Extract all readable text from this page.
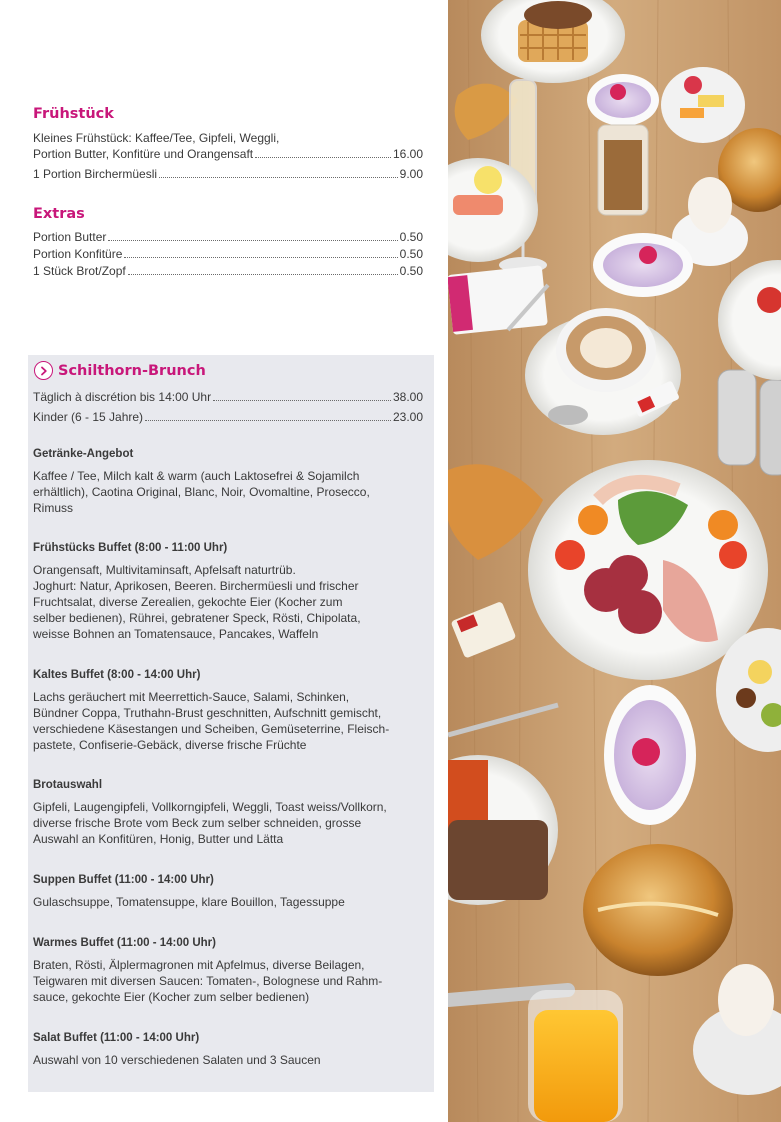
Frühstück
Kleines Frühstück: Kaffee/Tee, Gipfeli, Weggli,
Portion Butter, Konfitüre und Orangensaft	16.00
1 Portion Birchermüesli	9.00
Extras
Portion Butter	0.50
Portion Konfitüre	0.50
1 Stück Brot/Zopf	0.50
Schilthorn-Brunch
Täglich à discrétion bis 14:00 Uhr	38.00
Kinder (6 - 15 Jahre)	23.00
Getränke-Angebot
Kaffee / Tee, Milch kalt & warm (auch Laktosefrei & Sojamilch
erhältlich), Caotina Original, Blanc, Noir, Ovomaltine, Prosecco,
Rimuss
Frühstücks Buffet (8:00 - 11:00 Uhr)
Orangensaft, Multivitaminsaft, Apfelsaft naturtrüb.
Joghurt: Natur, Aprikosen, Beeren. Birchermüesli und frischer
Fruchtsalat, diverse Zerealien, gekochte Eier (Kocher zum
selber bedienen), Rührei, gebratener Speck, Rösti, Chipolata,
weisse Bohnen an Tomatensauce, Pancakes, Waffeln
Kaltes Buffet (8:00 - 14:00 Uhr)
Lachs geräuchert mit Meerrettich-Sauce, Salami, Schinken,
Bündner Coppa, Truthahn-Brust geschnitten, Aufschnitt gemischt,
verschiedene Käsestangen und Scheiben, Gemüseterrine, Fleisch-
pastete, Confiserie-Gebäck, diverse frische Früchte
Brotauswahl
Gipfeli, Laugengipfeli, Vollkorngipfeli, Weggli, Toast weiss/Vollkorn,
diverse frische Brote vom Beck zum selber schneiden, grosse
Auswahl an Konfitüren, Honig, Butter und Lätta
Suppen Buffet (11:00 - 14:00 Uhr)
Gulaschsuppe, Tomatensuppe, klare Bouillon, Tagessuppe
Warmes Buffet (11:00 - 14:00 Uhr)
Braten, Rösti, Älplermagronen mit Apfelmus, diverse Beilagen,
Teigwaren mit diversen Saucen: Tomaten-, Bolognese und Rahm-
sauce, gekochte Eier (Kocher zum selber bedienen)
Salat Buffet (11:00 - 14:00 Uhr)
Auswahl von 10 verschiedenen Salaten und 3 Saucen
